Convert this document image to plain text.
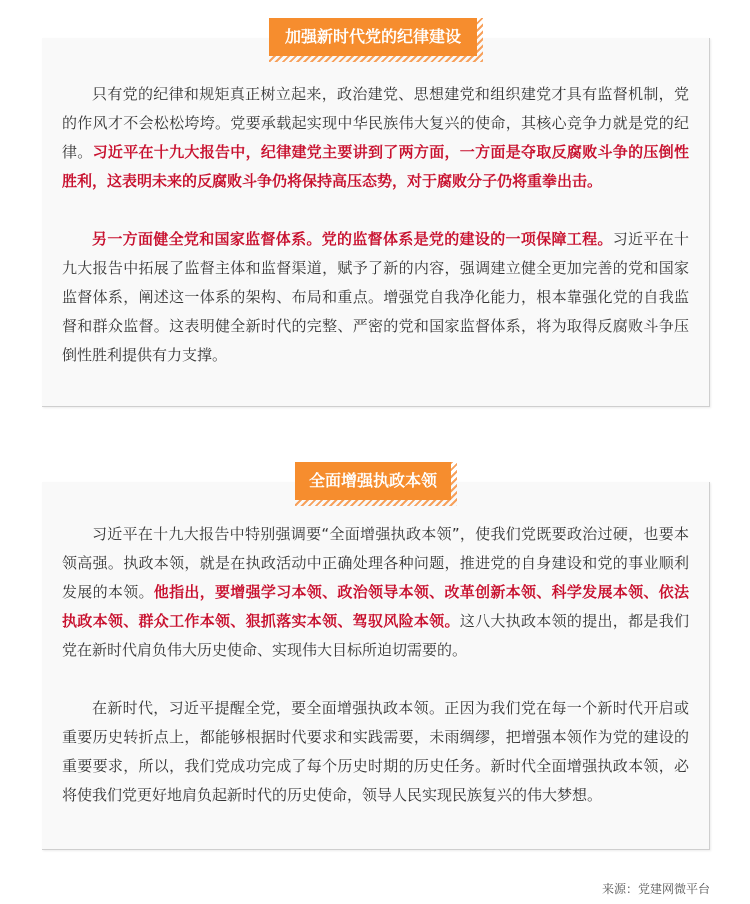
加强新时代党的纪律建设

只有党的纪律和规矩真正树立起来，政治建党、思想建党和组织建党才具有监督机制，党的作风才不会松松垮垮。党要承载起实现中华民族伟大复兴的使命，其核心竞争力就是党的纪律。习近平在十九大报告中，纪律建党主要讲到了两方面，一方面是夺取反腐败斗争的压倒性胜利，这表明未来的反腐败斗争仍将保持高压态势，对于腐败分子仍将重拳出击。

另一方面健全党和国家监督体系。党的监督体系是党的建设的一项保障工程。习近平在十九大报告中拓展了监督主体和监督渠道，赋予了新的内容，强调建立健全更加完善的党和国家监督体系，阐述这一体系的架构、布局和重点。增强党自我净化能力，根本靠强化党的自我监督和群众监督。这表明健全新时代的完整、严密的党和国家监督体系，将为取得反腐败斗争压倒性胜利提供有力支撑。

全面增强执政本领

习近平在十九大报告中特别强调要“全面增强执政本领”，使我们党既要政治过硬，也要本领高强。执政本领，就是在执政活动中正确处理各种问题，推进党的自身建设和党的事业顺利发展的本领。他指出，要增强学习本领、政治领导本领、改革创新本领、科学发展本领、依法执政本领、群众工作本领、狠抓落实本领、驾驭风险本领。这八大执政本领的提出，都是我们党在新时代肩负伟大历史使命、实现伟大目标所迫切需要的。

在新时代，习近平提醒全党，要全面增强执政本领。正因为我们党在每一个新时代开启或重要历史转折点上，都能够根据时代要求和实践需要，未雨绸缪，把增强本领作为党的建设的重要要求，所以，我们党成功完成了每个历史时期的历史任务。新时代全面增强执政本领，必将使我们党更好地肩负起新时代的历史使命，领导人民实现民族复兴的伟大梦想。

来源：党建网微平台
